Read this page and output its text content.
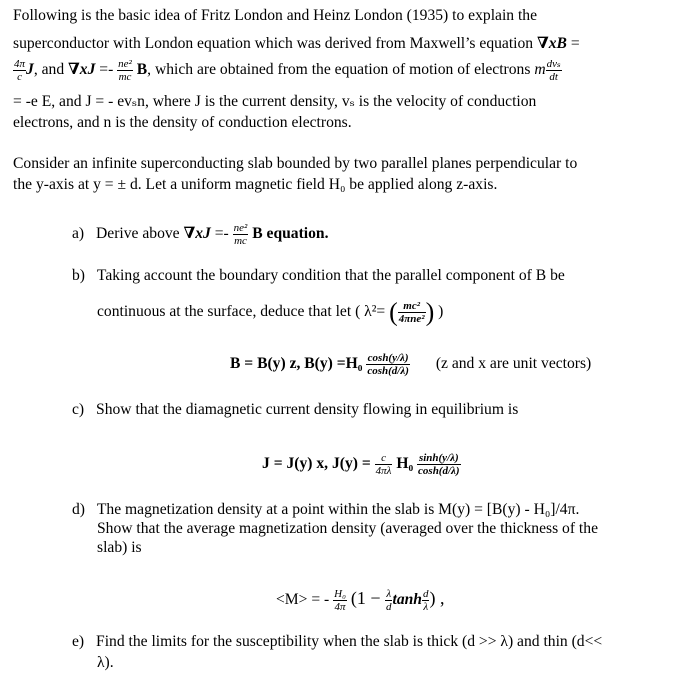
Following is the basic idea of Fritz London and Heinz London (1935) to explain the
superconductor with London equation which was derived from Maxwell’s equation ∇xB =
$\frac{4\pi}{c} J$, and $\nabla xJ =- \frac{\text{ne²}}{mc} B$, which are obtained from the equation of motion of electrons m $\frac{\text{dvₛ}}{dt}$
= -e E, and J = - evₛn, where J is the current density, vₛ is the velocity of conduction
electrons, and n is the density of conduction electrons.
Consider an infinite superconducting slab bounded by two parallel planes perpendicular to
the y-axis at y = ± d. Let a uniform magnetic field H₀ be applied along z-axis.
a) Derive above $\nabla xJ =- \frac{\text{ne²}}{mc}$ B equation.
b) Taking account the boundary condition that the parallel component of B be
continuous at the surface, deduce that let ( λ²= ( $\frac{\text{mc²}}{\text{4πne²}}$ ) )
B = B(y) z, $B(y) =H_0 \frac{\cosh(y/\lambda)}{\cosh(d/\lambda)} (z$ and x are unit vectors)
c) Show that the diamagnetic current density flowing in equilibrium is
J = J(y) x, $J(y) = \frac{c}{4\pi\lambda} H_0 \frac{\sinh(y/\lambda)}{\cosh(d/\lambda)}$
d) The magnetization density at a point within the slab is M(y) = [B(y) - H₀]/4π.
Show that the average magnetization density (averaged over the thickness of the
slab) is
<M> = - $\frac{\text{H₀}}{4\pi} (1 - \frac{\lambda}{d}$ $\tanh \frac{d}{\lambda}$ ) ,
e) Find the limits for the susceptibility when the slab is thick (d >> λ) and thin (d<<
λ).
